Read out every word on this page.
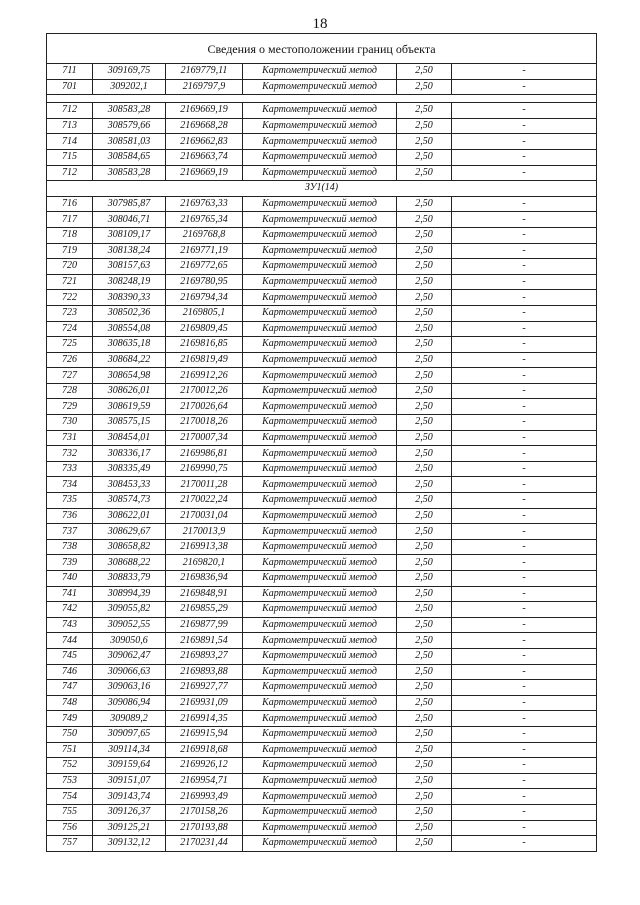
18
Сведения о местоположении границ объекта					
711	309169,75	2169779,11	Картометрический метод	2,50	-
701	309202,1	2169797,9	Картометрический метод	2,50	-

712	308583,28	2169669,19	Картометрический метод	2,50	-
713	308579,66	2169668,28	Картометрический метод	2,50	-
714	308581,03	2169662,83	Картометрический метод	2,50	-
715	308584,65	2169663,74	Картометрический метод	2,50	-
712	308583,28	2169669,19	Картометрический метод	2,50	-
ЗУ1(14)					
716	307985,87	2169763,33	Картометрический метод	2,50	-
717	308046,71	2169765,34	Картометрический метод	2,50	-
718	308109,17	2169768,8	Картометрический метод	2,50	-
719	308138,24	2169771,19	Картометрический метод	2,50	-
720	308157,63	2169772,65	Картометрический метод	2,50	-
721	308248,19	2169780,95	Картометрический метод	2,50	-
722	308390,33	2169794,34	Картометрический метод	2,50	-
723	308502,36	2169805,1	Картометрический метод	2,50	-
724	308554,08	2169809,45	Картометрический метод	2,50	-
725	308635,18	2169816,85	Картометрический метод	2,50	-
726	308684,22	2169819,49	Картометрический метод	2,50	-
727	308654,98	2169912,26	Картометрический метод	2,50	-
728	308626,01	2170012,26	Картометрический метод	2,50	-
729	308619,59	2170026,64	Картометрический метод	2,50	-
730	308575,15	2170018,26	Картометрический метод	2,50	-
731	308454,01	2170007,34	Картометрический метод	2,50	-
732	308336,17	2169986,81	Картометрический метод	2,50	-
733	308335,49	2169990,75	Картометрический метод	2,50	-
734	308453,33	2170011,28	Картометрический метод	2,50	-
735	308574,73	2170022,24	Картометрический метод	2,50	-
736	308622,01	2170031,04	Картометрический метод	2,50	-
737	308629,67	2170013,9	Картометрический метод	2,50	-
738	308658,82	2169913,38	Картометрический метод	2,50	-
739	308688,22	2169820,1	Картометрический метод	2,50	-
740	308833,79	2169836,94	Картометрический метод	2,50	-
741	308994,39	2169848,91	Картометрический метод	2,50	-
742	309055,82	2169855,29	Картометрический метод	2,50	-
743	309052,55	2169877,99	Картометрический метод	2,50	-
744	309050,6	2169891,54	Картометрический метод	2,50	-
745	309062,47	2169893,27	Картометрический метод	2,50	-
746	309066,63	2169893,88	Картометрический метод	2,50	-
747	309063,16	2169927,77	Картометрический метод	2,50	-
748	309086,94	2169931,09	Картометрический метод	2,50	-
749	309089,2	2169914,35	Картометрический метод	2,50	-
750	309097,65	2169915,94	Картометрический метод	2,50	-
751	309114,34	2169918,68	Картометрический метод	2,50	-
752	309159,64	2169926,12	Картометрический метод	2,50	-
753	309151,07	2169954,71	Картометрический метод	2,50	-
754	309143,74	2169993,49	Картометрический метод	2,50	-
755	309126,37	2170158,26	Картометрический метод	2,50	-
756	309125,21	2170193,88	Картометрический метод	2,50	-
757	309132,12	2170231,44	Картометрический метод	2,50	-
